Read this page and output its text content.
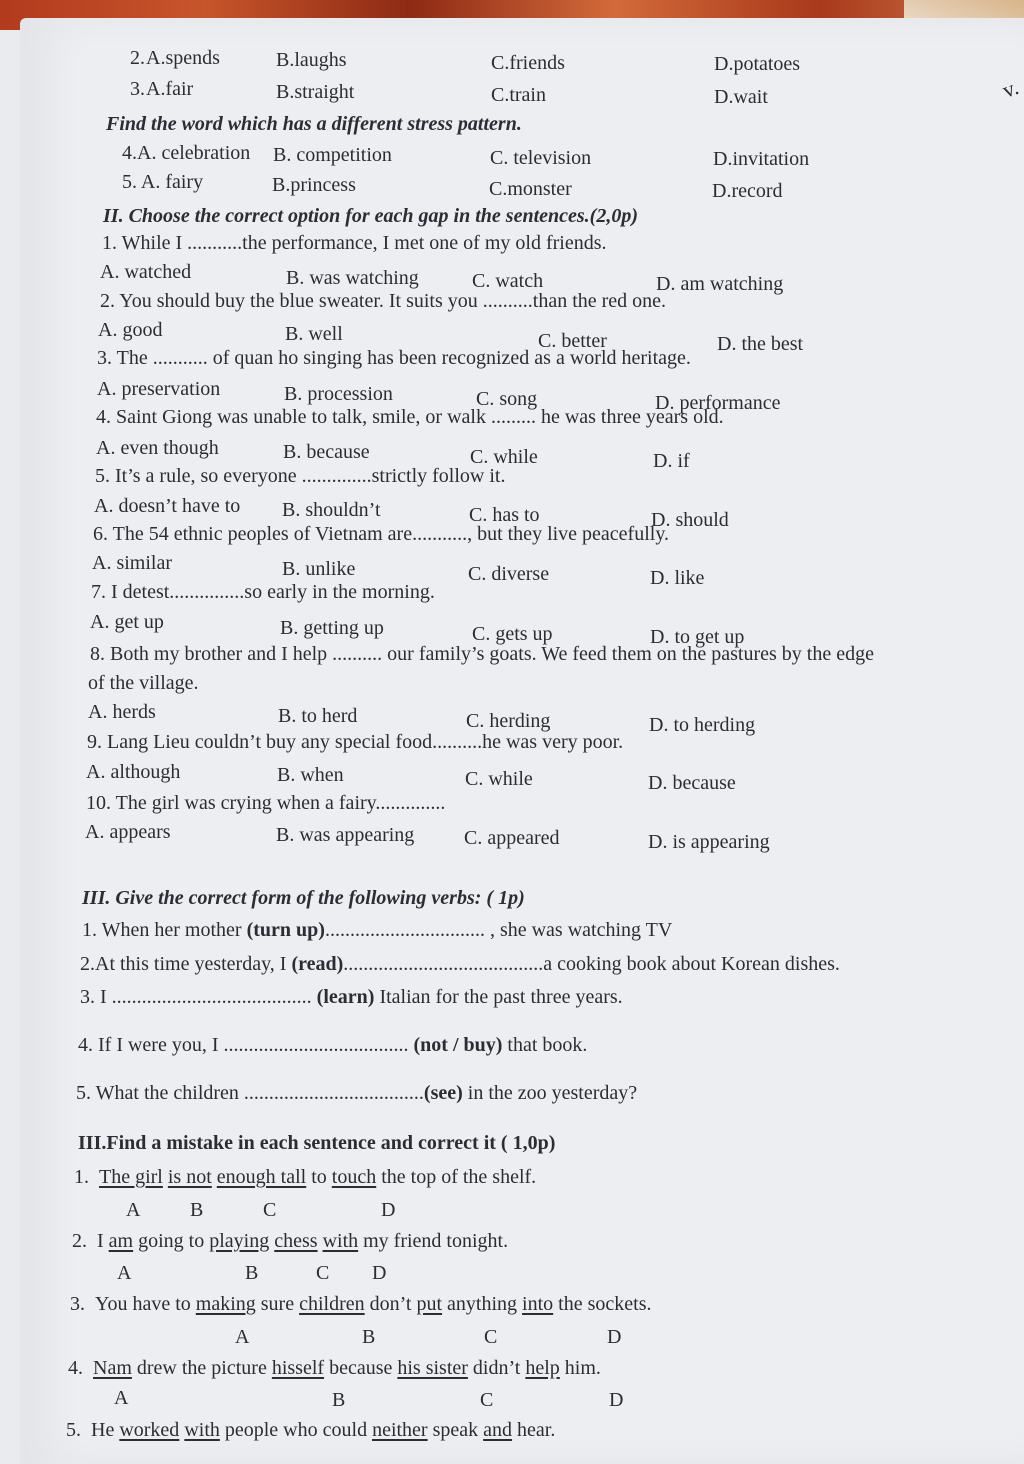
v.
2. A.spends	B.laughs	C.friends	D.potatoes
3. A.fair	B.straight	C.train	D.wait
Find the word which has a different stress pattern.
4.A. celebration B. competition	C. television	D.invitation
5. A. fairy	B.princess	C.monster	D.record
II. Choose the correct option for each gap in the sentences.(2,0p)
1. While I ...........the performance, I met one of my old friends.
A. watched	B. was watching	C. watch	D. am watching
2. You should buy the blue sweater. It suits you ..........than the red one.
A. good	B. well	C. better	D. the best
3. The ........... of quan ho singing has been recognized as a world heritage.
A. preservation	B. procession	C. song	D. performance
4. Saint Giong was unable to talk, smile, or walk ......... he was three years old.
A. even though	B. because	C. while	D. if
5. It’s a rule, so everyone ..............strictly follow it.
A. doesn’t have to B. shouldn’t	C. has to	D. should
6. The 54 ethnic peoples of Vietnam are..........., but they live peacefully.
A. similar	B. unlike	C. diverse	D. like
7. I detest...............so early in the morning.
A. get up	B. getting up	C. gets up	D. to get up
8. Both my brother and I help .......... our family’s goats. We feed them on the pastures by the edge
of the village.
A. herds	B. to herd	C. herding	D. to herding
9. Lang Lieu couldn’t buy any special food..........he was very poor.
A. although	B. when	C. while	D. because
10. The girl was crying when a fairy..............
A. appears	B. was appearing C. appeared	D. is appearing
III. Give the correct form of the following verbs: ( 1p)
1. When her mother (turn up)................................ , she was watching TV
2.At this time yesterday, I (read)........................................a cooking book about Korean dishes.
3. I ........................................ (learn) Italian for the past three years.
4. If I were you, I ..................................... (not / buy) that book.
5. What the children ....................................(see) in the zoo yesterday?
III.Find a mistake in each sentence and correct it ( 1,0p)
1. The girl is not enough tall to touch the top of the shelf.
A B	C	D
2. I am going to playing chess with my friend tonight.
A	B	C D
3. You have to making sure children don’t put anything into the sockets.
A	B	C	D
4. Nam drew the picture hisself because his sister didn’t help him.
A	B	C	D
5. He worked with people who could neither speak and hear.
